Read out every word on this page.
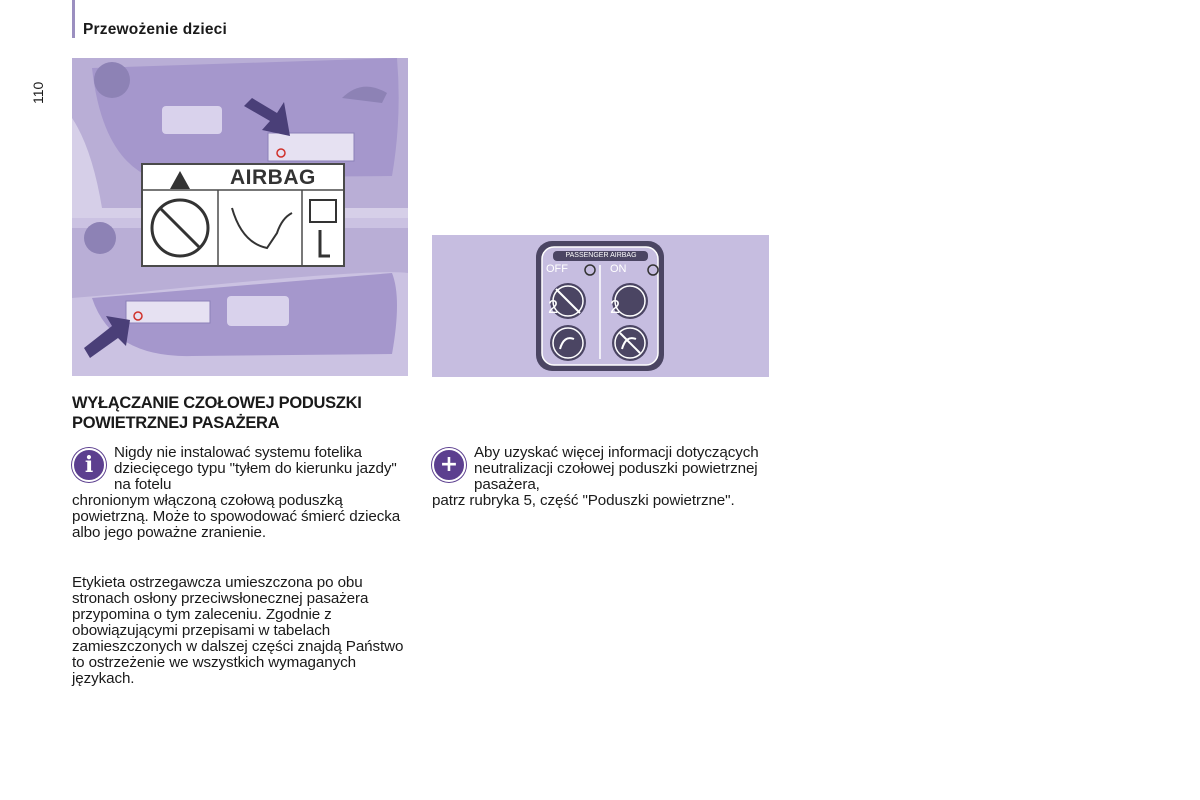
Przewożenie dzieci
110
AIRBAG
PASSENGER AIRBAG
OFF	ON
2	2
WYŁĄCZANIE CZOŁOWEJ PODUSZKI POWIETRZNEJ PASAŻERA
i	Nigdy nie instalować systemu fotelika dziecięcego typu "tyłem do kierunku jazdy" na fotelu
chronionym włączoną czołową poduszką powietrzną. Może to spowodować śmierć dziecka albo jego poważne zranienie.
Etykieta ostrzegawcza umieszczona po obu stronach osłony przeciwsłonecznej pasażera przypomina o tym zaleceniu. Zgodnie z obowiązującymi przepisami w tabelach zamieszczonych w dalszej części znajdą Państwo to ostrzeżenie we wszystkich wymaganych językach.
+	Aby uzyskać więcej informacji dotyczących neutralizacji czołowej poduszki powietrznej pasażera,
patrz rubryka 5, część "Poduszki powietrzne".
